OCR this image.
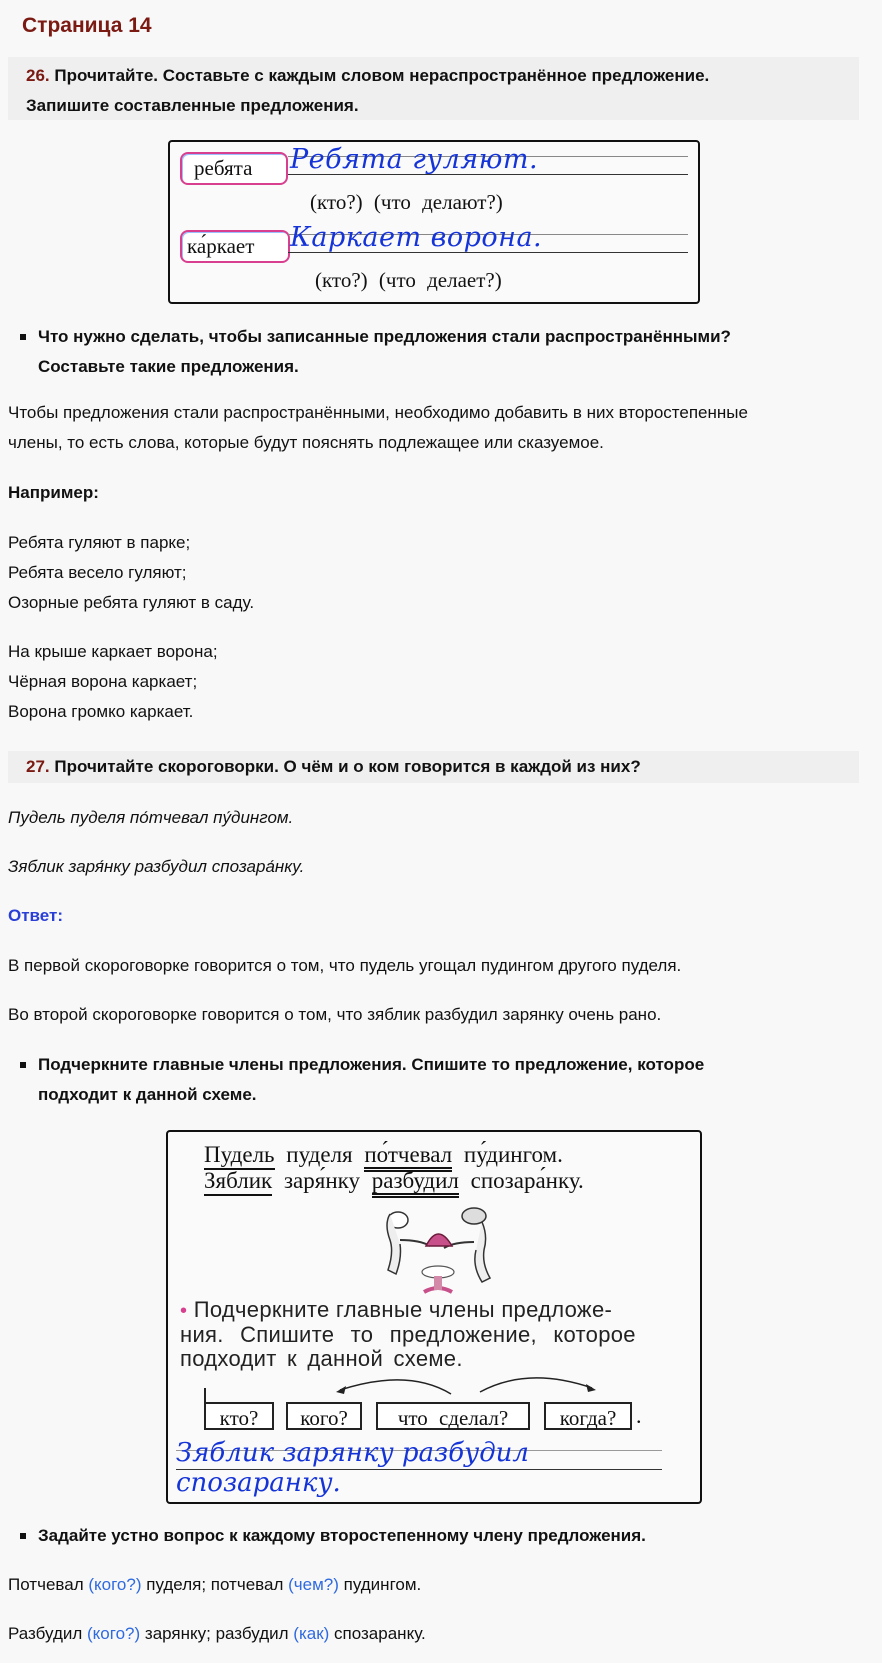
Страница 14
26. Прочитайте. Составьте с каждым словом нераспространённое предложение.
Запишите составленные предложения.
ребята	Ребята гуляют.
(кто?) (что делают?)
ка́ркает	Каркает ворона.
(кто?) (что делает?)
Что нужно сделать, чтобы записанные предложения стали распространёнными?
Составьте такие предложения.
Чтобы предложения стали распространёнными, необходимо добавить в них второстепенные
члены, то есть слова, которые будут пояснять подлежащее или сказуемое.
Например:
Ребята гуляют в парке;
Ребята весело гуляют;
Озорные ребята гуляют в саду.
На крыше каркает ворона;
Чёрная ворона каркает;
Ворона громко каркает.
27. Прочитайте скороговорки. О чём и о ком говорится в каждой из них?
Пудель пуделя по́тчевал пу́дингом.
Зяблик заря́нку разбудил спозара́нку.
Ответ:
В первой скороговорке говорится о том, что пудель угощал пудингом другого пуделя.
Во второй скороговорке говорится о том, что зяблик разбудил зарянку очень рано.
Подчеркните главные члены предложения. Спишите то предложение, которое
подходит к данной схеме.
Пудель пуделя по́тчевал пу́дингом.
Зяблик заря́нку разбудил спозара́нку.
• Подчеркните главные члены предложе-
ния. Спишите то предложение, которое
подходит к данной схеме.
кто?	кого?	что сделал?	когда? .
Зяблик зарянку разбудил спозаранку.
Задайте устно вопрос к каждому второстепенному члену предложения.
Потчевал (кого?) пуделя; потчевал (чем?) пудингом.
Разбудил (кого?) зарянку; разбудил (как) спозаранку.
